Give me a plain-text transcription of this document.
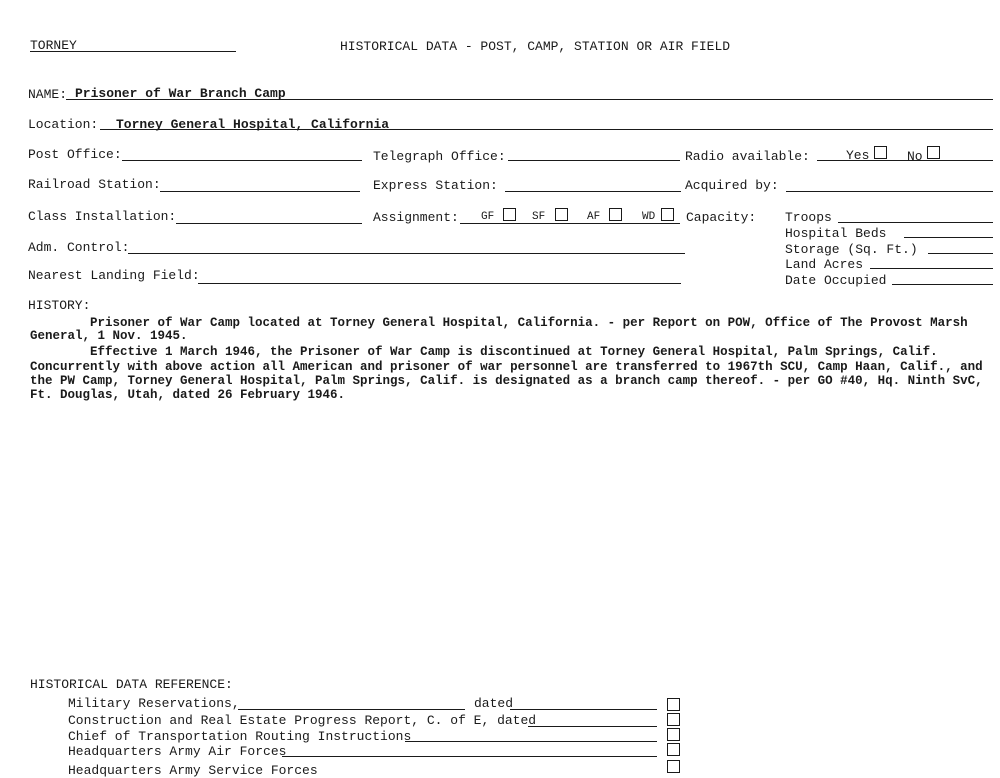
TORNEY	HISTORICAL DATA - POST, CAMP, STATION OR AIR FIELD
NAME: Prisoner of War Branch Camp
Location: Torney General Hospital, California
Post Office:	Telegraph Office:	Radio available:	Yes	No
Railroad Station:	Express Station:	Acquired by:
Class Installation:	Assignment: GF	SF	AF	WD Capacity: Troops
Hospital Beds
Storage (Sq. Ft.)
Land Acres
Date Occupied
Adm. Control:
Nearest Landing Field:
HISTORY:
Prisoner of War Camp located at Torney General Hospital, California. - per Report on POW, Office of The Provost Marsh
General, 1 Nov. 1945.
Effective 1 March 1946, the Prisoner of War Camp is discontinued at Torney General Hospital, Palm Springs, Calif.
Concurrently with above action all American and prisoner of war personnel are transferred to 1967th SCU, Camp Haan, Calif., and
the PW Camp, Torney General Hospital, Palm Springs, Calif. is designated as a branch camp thereof. - per GO #40, Hq. Ninth SvC,
Ft. Douglas, Utah, dated 26 February 1946.
HISTORICAL DATA REFERENCE:
Military Reservations,	dated
Construction and Real Estate Progress Report, C. of E, dated
Chief of Transportation Routing Instructions
Headquarters Army Air Forces
Headquarters Army Service Forces
